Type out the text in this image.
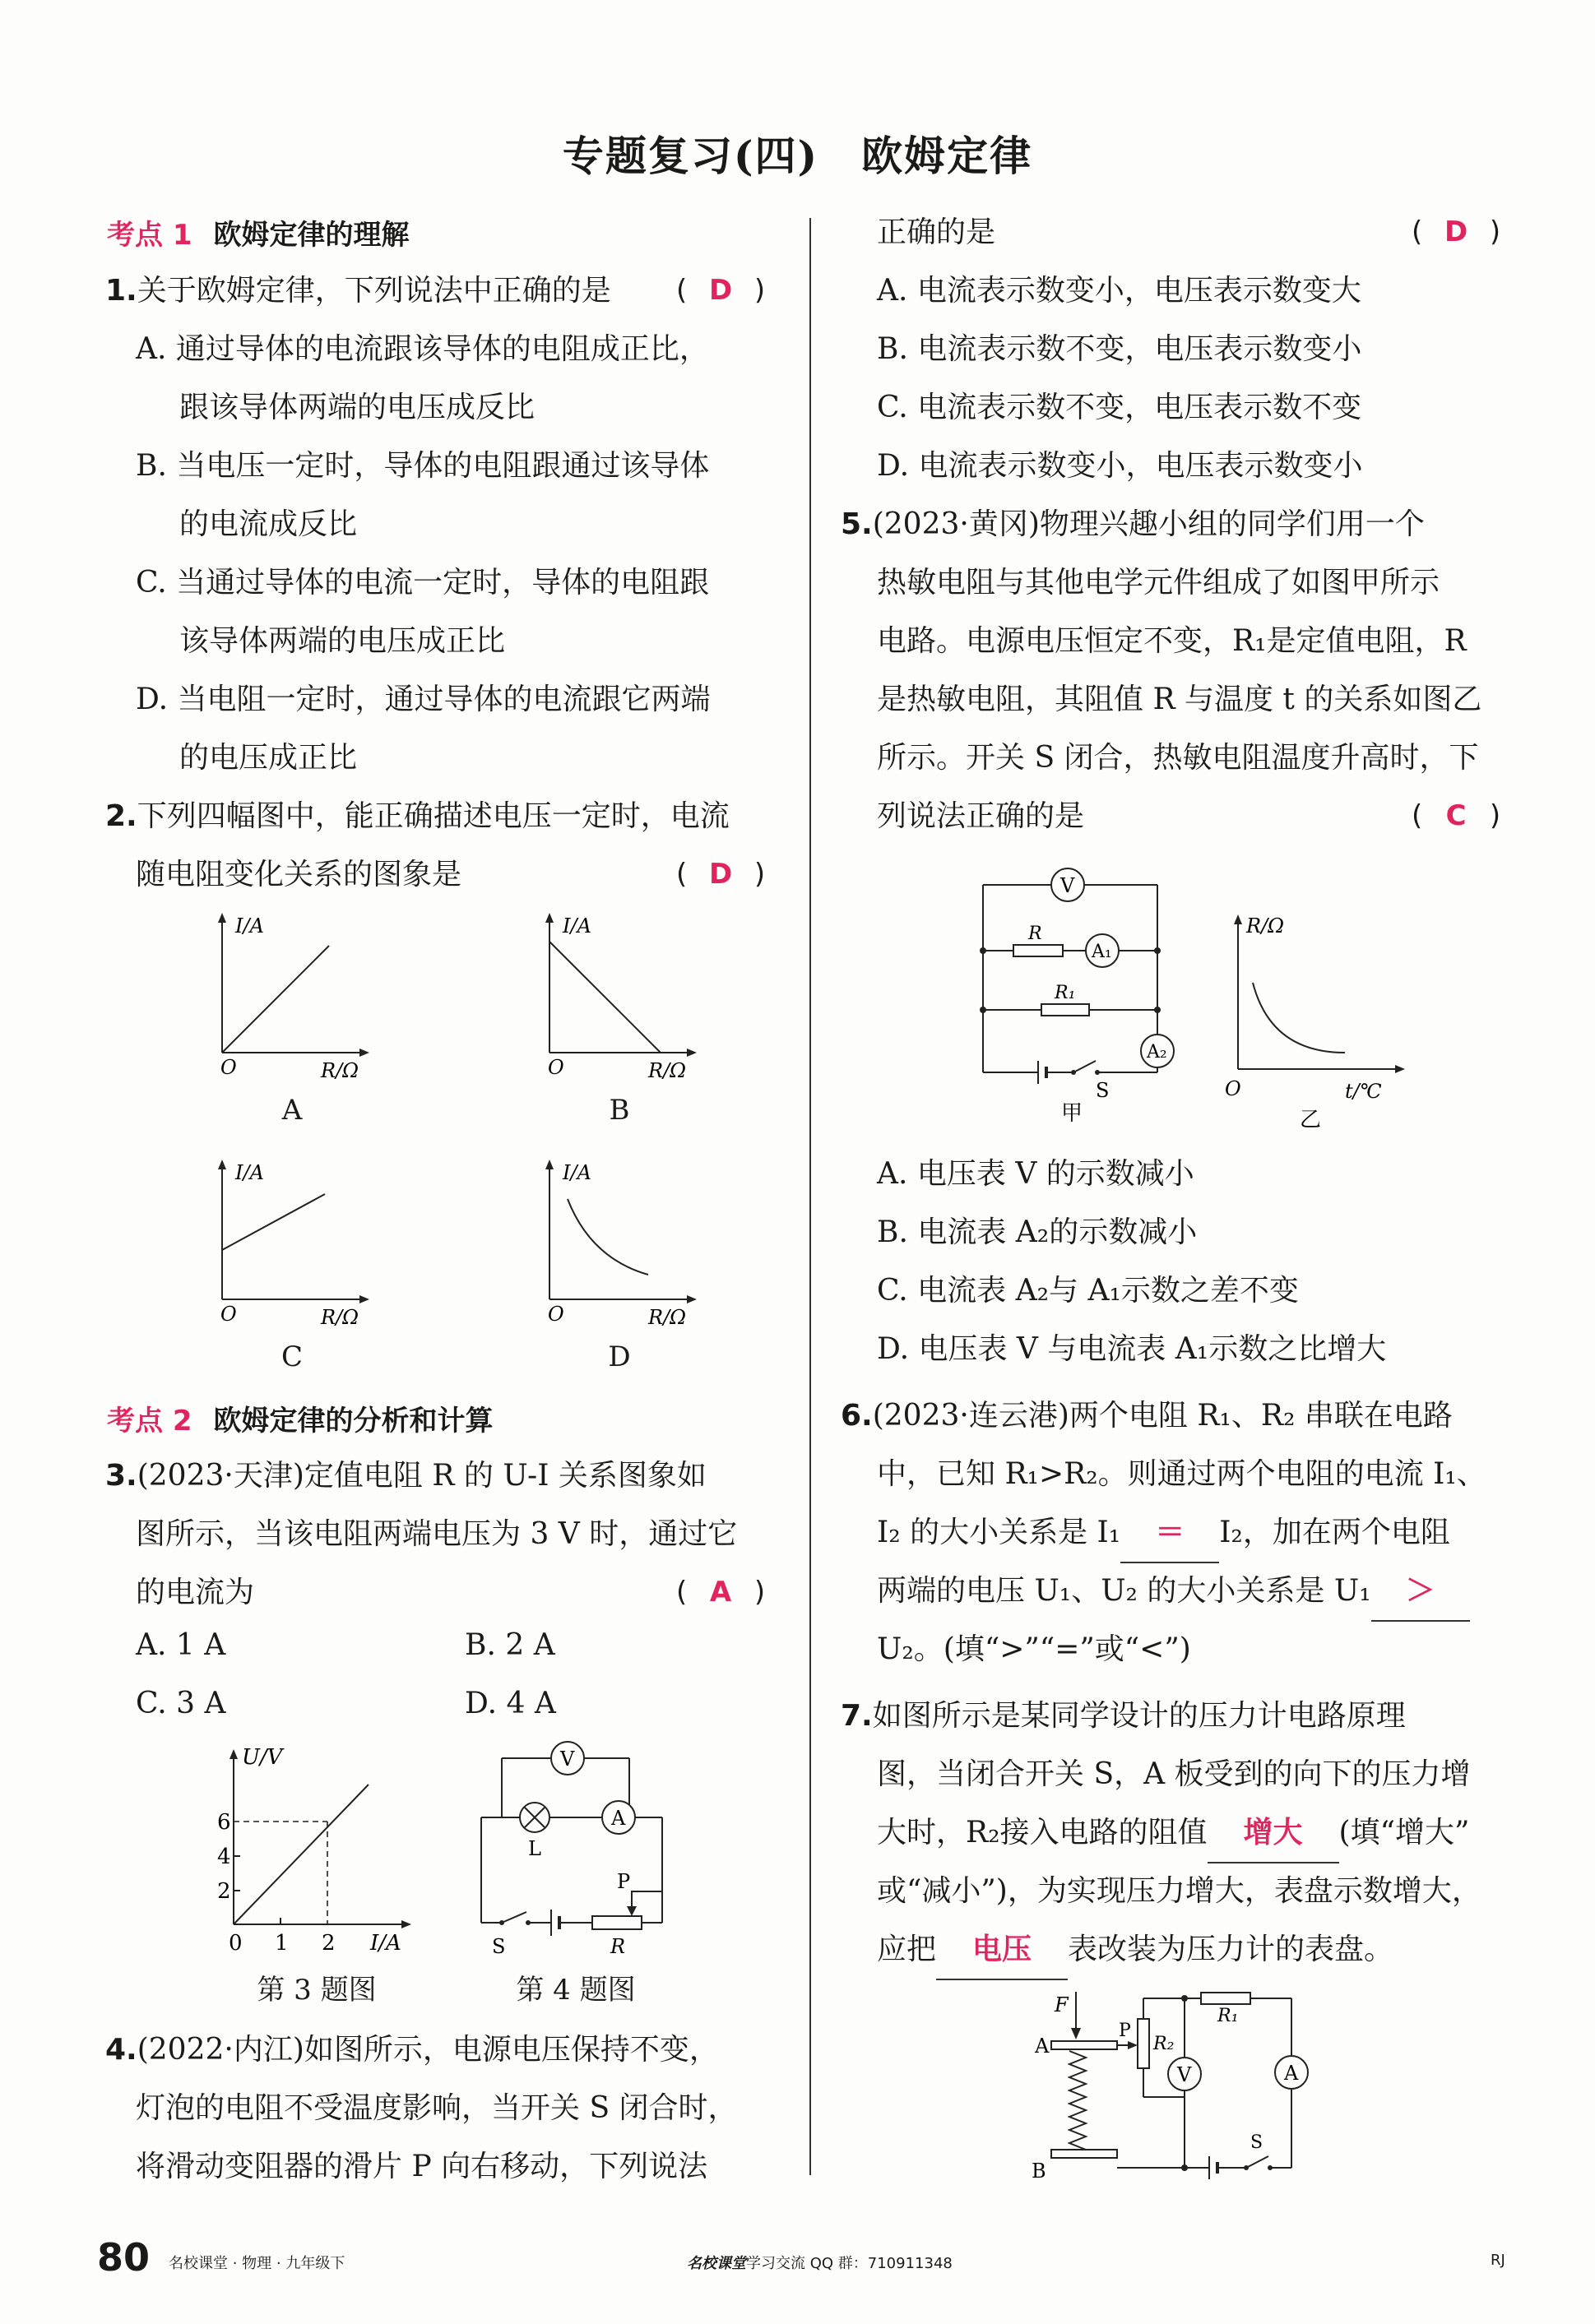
专题复习(四)　欧姆定律
考点 1 欧姆定律的理解
1.关于欧姆定律，下列说法中正确的是 ( D )
A. 通过导体的电流跟该导体的电阻成正比，
跟该导体两端的电压成反比
B. 当电压一定时，导体的电阻跟通过该导体
的电流成反比
C. 当通过导体的电流一定时，导体的电阻跟
该导体两端的电压成正比
D. 当电阻一定时，通过导体的电流跟它两端
的电压成正比
2.下列四幅图中，能正确描述电压一定时，电流
随电阻变化关系的图象是	( D )
I/A
R/Ω
O
A
I/A
R/Ω
O
B
I/A
R/Ω
O
C
I/A
R/Ω
O
D
考点 2 欧姆定律的分析和计算
3.(2023·天津)定值电阻 R 的 U-I 关系图象如
图所示，当该电阻两端电压为 3 V 时，通过它
的电流为	( A )
A. 1 A	B. 2 A
C. 3 A	D. 4 A
U/V
I/A
0
6
4
2
1 2
第 3 题图
V
A
L
P
S	R
第 4 题图
4.(2022·内江)如图所示，电源电压保持不变，
灯泡的电阻不受温度影响，当开关 S 闭合时，
将滑动变阻器的滑片 P 向右移动，下列说法
正确的是	( D )
A. 电流表示数变小，电压表示数变大
B. 电流表示数不变，电压表示数变小
C. 电流表示数不变，电压表示数不变
D. 电流表示数变小，电压表示数变小
5.(2023·黄冈)物理兴趣小组的同学们用一个
热敏电阻与其他电学元件组成了如图甲所示
电路。电源电压恒定不变，R₁是定值电阻，R
是热敏电阻，其阻值 R 与温度 t 的关系如图乙
所示。开关 S 闭合，热敏电阻温度升高时，下
列说法正确的是	( C )
V
A₁
R
R₁
A₂
S
甲
R/Ω
t/℃
O
乙
A. 电压表 V 的示数减小
B. 电流表 A₂的示数减小
C. 电流表 A₂与 A₁示数之差不变
D. 电压表 V 与电流表 A₁示数之比增大
6.(2023·连云港)两个电阻 R₁、R₂ 串联在电路
中，已知 R₁>R₂。则通过两个电阻的电流 I₁、
I₂ 的大小关系是 I₁ ＝ I₂，加在两个电阻
两端的电压 U₁、U₂ 的大小关系是 U₁ ＞
U₂。(填“>”“=”或“<”)
7.如图所示是某同学设计的压力计电路原理
图，当闭合开关 S，A 板受到的向下的压力增
大时，R₂接入电路的阻值 增大 (填“增大”
或“减小”)，为实现压力增大，表盘示数增大，
应把 电压 表改装为压力计的表盘。
F
A
B
P
R₂
R₁
V	A
S
80 名校课堂 · 物理 · 九年级下	名校课堂学习交流 QQ 群：710911348	RJ
